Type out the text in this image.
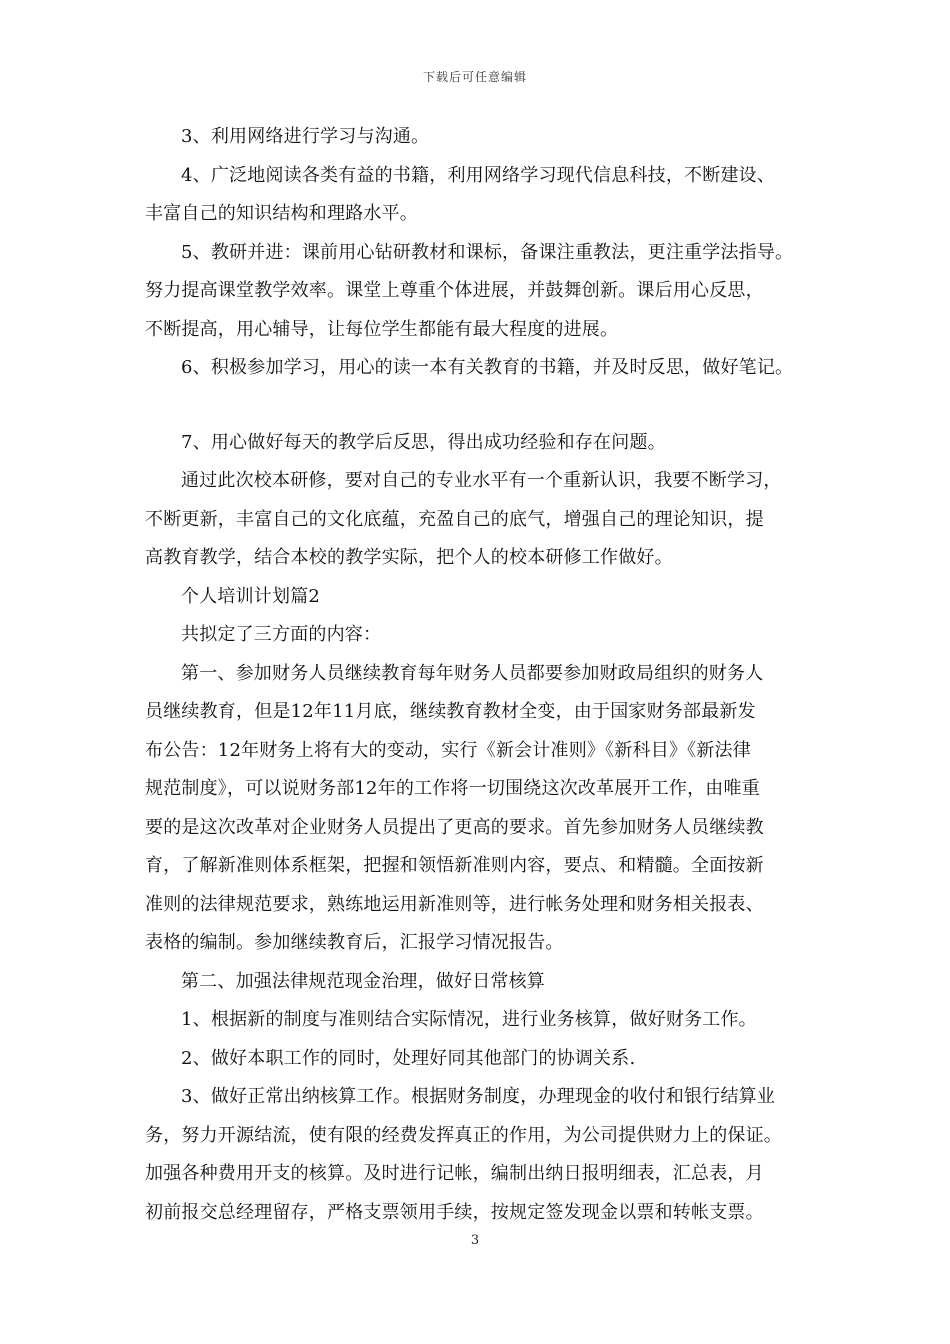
下载后可任意编辑
3、利用网络进行学习与沟通。
4、广泛地阅读各类有益的书籍，利用网络学习现代信息科技，不断建设、
丰富自己的知识结构和理路水平。
5、教研并进：课前用心钻研教材和课标，备课注重教法，更注重学法指导。
努力提高课堂教学效率。课堂上尊重个体进展，并鼓舞创新。课后用心反思，
不断提高，用心辅导，让每位学生都能有最大程度的进展。
6、积极参加学习，用心的读一本有关教育的书籍，并及时反思，做好笔记。
7、用心做好每天的教学后反思，得出成功经验和存在问题。
通过此次校本研修，要对自己的专业水平有一个重新认识，我要不断学习，
不断更新，丰富自己的文化底蕴，充盈自己的底气，增强自己的理论知识，提
高教育教学，结合本校的教学实际，把个人的校本研修工作做好。
个人培训计划篇2
共拟定了三方面的内容：
第一、参加财务人员继续教育每年财务人员都要参加财政局组织的财务人
员继续教育，但是12年11月底，继续教育教材全变，由于国家财务部最新发
布公告：12年财务上将有大的变动，实行《新会计准则》《新科目》《新法律
规范制度》，可以说财务部12年的工作将一切围绕这次改革展开工作，由唯重
要的是这次改革对企业财务人员提出了更高的要求。首先参加财务人员继续教
育，了解新准则体系框架，把握和领悟新准则内容，要点、和精髓。全面按新
准则的法律规范要求，熟练地运用新准则等，进行帐务处理和财务相关报表、
表格的编制。参加继续教育后，汇报学习情况报告。
第二、加强法律规范现金治理，做好日常核算
1、根据新的制度与准则结合实际情况，进行业务核算，做好财务工作。
2、做好本职工作的同时，处理好同其他部门的协调关系.
3、做好正常出纳核算工作。根据财务制度，办理现金的收付和银行结算业
务，努力开源结流，使有限的经费发挥真正的作用，为公司提供财力上的保证。
加强各种费用开支的核算。及时进行记帐，编制出纳日报明细表，汇总表，月
初前报交总经理留存，严格支票领用手续，按规定签发现金以票和转帐支票。
3
